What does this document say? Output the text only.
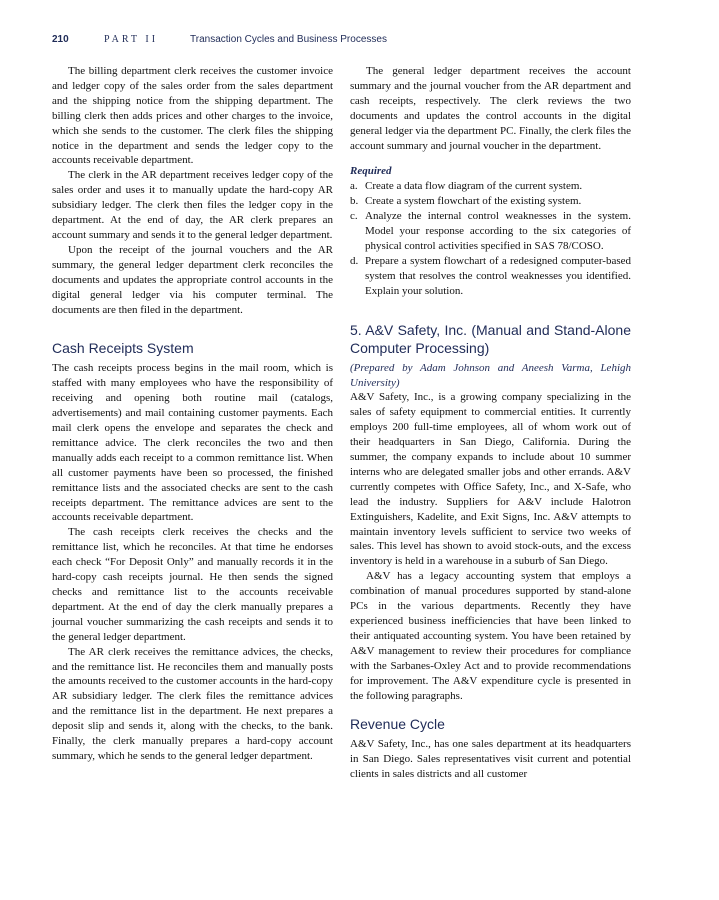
210	PART II	Transaction Cycles and Business Processes

The billing department clerk receives the customer invoice and ledger copy of the sales order from the sales department and the shipping notice from the shipping department. The billing clerk then adds prices and other charges to the invoice, which she sends to the customer. The clerk files the shipping notice in the department and sends the ledger copy to the accounts receivable department.

The clerk in the AR department receives ledger copy of the sales order and uses it to manually update the hard-copy AR subsidiary ledger. The clerk then files the ledger copy in the department. At the end of day, the AR clerk prepares an account summary and sends it to the general ledger department.

Upon the receipt of the journal vouchers and the AR summary, the general ledger department clerk reconciles the documents and updates the appropriate control accounts in the digital general ledger via his computer terminal. The documents are then filed in the department.

Cash Receipts System

The cash receipts process begins in the mail room, which is staffed with many employees who have the responsibility of receiving and opening both routine mail (catalogs, advertisements) and mail containing customer payments. Each mail clerk opens the envelope and separates the check and remittance advice. The clerk reconciles the two and then manually adds each receipt to a common remittance list. When all customer payments have been so processed, the finished remittance lists and the associated checks are sent to the cash receipts department. The remittance advices are sent to the accounts receivable department.

The cash receipts clerk receives the checks and the remittance list, which he reconciles. At that time he endorses each check “For Deposit Only” and manually records it in the hard-copy cash receipts journal. He then sends the signed checks and remittance list to the accounts receivable department. At the end of day the clerk manually prepares a journal voucher summarizing the cash receipts and sends it to the general ledger department.

The AR clerk receives the remittance advices, the checks, and the remittance list. He reconciles them and manually posts the amounts received to the customer accounts in the hard-copy AR subsidiary ledger. The clerk files the remittance advices and the remittance list in the department. He next prepares a deposit slip and sends it, along with the checks, to the bank. Finally, the clerk manually prepares a hard-copy account summary, which he sends to the general ledger department.

The general ledger department receives the account summary and the journal voucher from the AR department and cash receipts, respectively. The clerk reviews the two documents and updates the control accounts in the digital general ledger via the department PC. Finally, the clerk files the account summary and journal voucher in the department.

Required
a. Create a data flow diagram of the current system.
b. Create a system flowchart of the existing system.
c. Analyze the internal control weaknesses in the system. Model your response according to the six categories of physical control activities specified in SAS 78/COSO.
d. Prepare a system flowchart of a redesigned computer-based system that resolves the control weaknesses you identified. Explain your solution.
5. A&V Safety, Inc. (Manual and Stand-Alone Computer Processing)

(Prepared by Adam Johnson and Aneesh Varma, Lehigh University)

A&V Safety, Inc., is a growing company specializing in the sales of safety equipment to commercial entities. It currently employs 200 full-time employees, all of whom work out of their headquarters in San Diego, California. During the summer, the company expands to include about 10 summer interns who are delegated smaller jobs and other errands. A&V currently competes with Office Safety, Inc., and X-Safe, who lead the industry. Suppliers for A&V include Halotron Extinguishers, Kadelite, and Exit Signs, Inc. A&V attempts to maintain inventory levels sufficient to service two weeks of sales. This level has shown to avoid stock-outs, and the excess inventory is held in a warehouse in a suburb of San Diego.

A&V has a legacy accounting system that employs a combination of manual procedures supported by stand-alone PCs in the various departments. Recently they have experienced business inefficiencies that have been linked to their antiquated accounting system. You have been retained by A&V management to review their procedures for compliance with the Sarbanes-Oxley Act and to provide recommendations for improvement. The A&V expenditure cycle is presented in the following paragraphs.

Revenue Cycle

A&V Safety, Inc., has one sales department at its headquarters in San Diego. Sales representatives visit current and potential clients in sales districts and all customer
